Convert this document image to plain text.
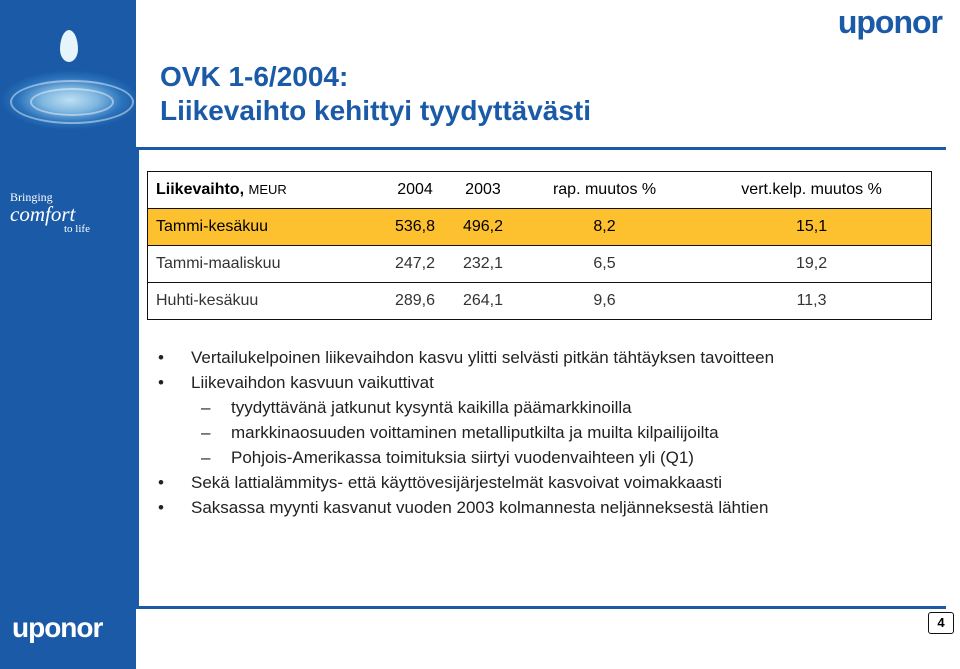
Bringing
comfort
to life
uponor
uponor
OVK 1-6/2004:
Liikevaihto kehittyi tyydyttävästi
Liikevaihto, MEUR	2004	2003	rap. muutos %	vert.kelp. muutos %
Tammi-kesäkuu	536,8	496,2	8,2	15,1
Tammi-maaliskuu	247,2	232,1	6,5	19,2
Huhti-kesäkuu	289,6	264,1	9,6	11,3
• Vertailukelpoinen liikevaihdon kasvu ylitti selvästi pitkän tähtäyksen tavoitteen
• Liikevaihdon kasvuun vaikuttivat
– tyydyttävänä jatkunut kysyntä kaikilla päämarkkinoilla
– markkinaosuuden voittaminen metalliputkilta ja muilta kilpailijoilta
– Pohjois-Amerikassa toimituksia siirtyi vuodenvaihteen yli (Q1)
• Sekä lattialämmitys- että käyttövesijärjestelmät kasvoivat voimakkaasti
• Saksassa myynti kasvanut vuoden 2003 kolmannesta neljänneksestä lähtien
4
